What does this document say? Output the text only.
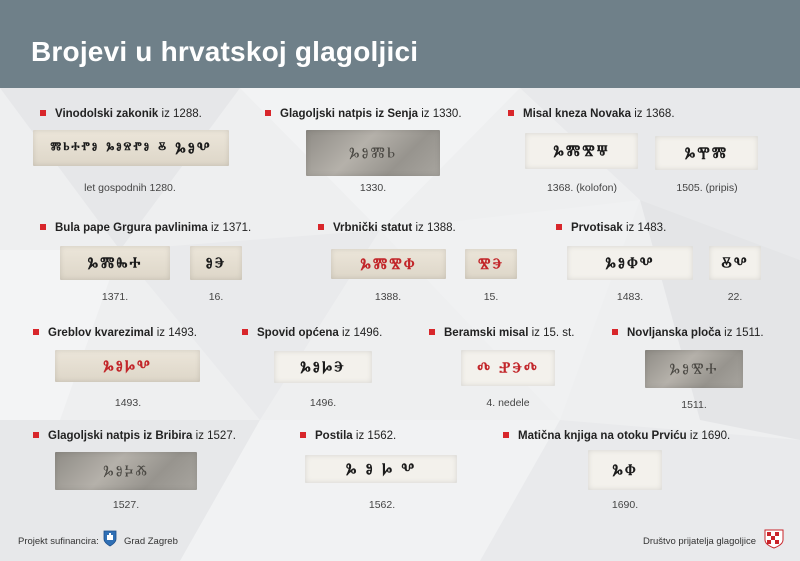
Brojevi u hrvatskoj glagoljici
Vinodolski zakonik iz 1288.
ⰿⱃⰰⱂⱁ ⰳⱁⱄⱂⱁ ⰻ ⰃⰑⰂ
let gospodnih 1280.
Glagoljski natpis iz Senja iz 1330.
ⰃⰑⰏⰓ
1330.
Misal kneza Novaka iz 1368.
ⰃⰏⰊⰛ
1368. (kolofon)
ⰃⰉⰏ
1505. (pripis)
Bula pape Grgura pavlinima iz 1371.
ⰃⰏⰈⰀ
1371.
ⰑⰅ
16.
Vrbnički statut iz 1388.
ⰃⰏⰊⰗ
1388.
ⰊⰅ
15.
Prvotisak iz 1483.
ⰃⰑⰗⰂ
1483.
ⰋⰂ
22.
Greblov kvarezimal iz 1493.
ⰃⰑⰘⰂ
1493.
Spovid općena iz 1496.
ⰃⰑⰘⰅ
1496.
Beramski misal iz 15. st.
Ⰴ ⰐⰅⰄ
4. nedele
Novljanska ploča iz 1511.
ⰃⰑⰊⰀ
1511.
Glagoljski natpis iz Bribira iz 1527.
ⰃⰑⰍⰆ
1527.
Postila iz 1562.
Ⰳ Ⱁ Ⱈ Ⰲ
1562.
Matična knjiga na otoku Prviću iz 1690.
ⰃⰗ
1690.
Projekt sufinancira:	Grad Zagreb	Društvo prijatelja glagoljice
